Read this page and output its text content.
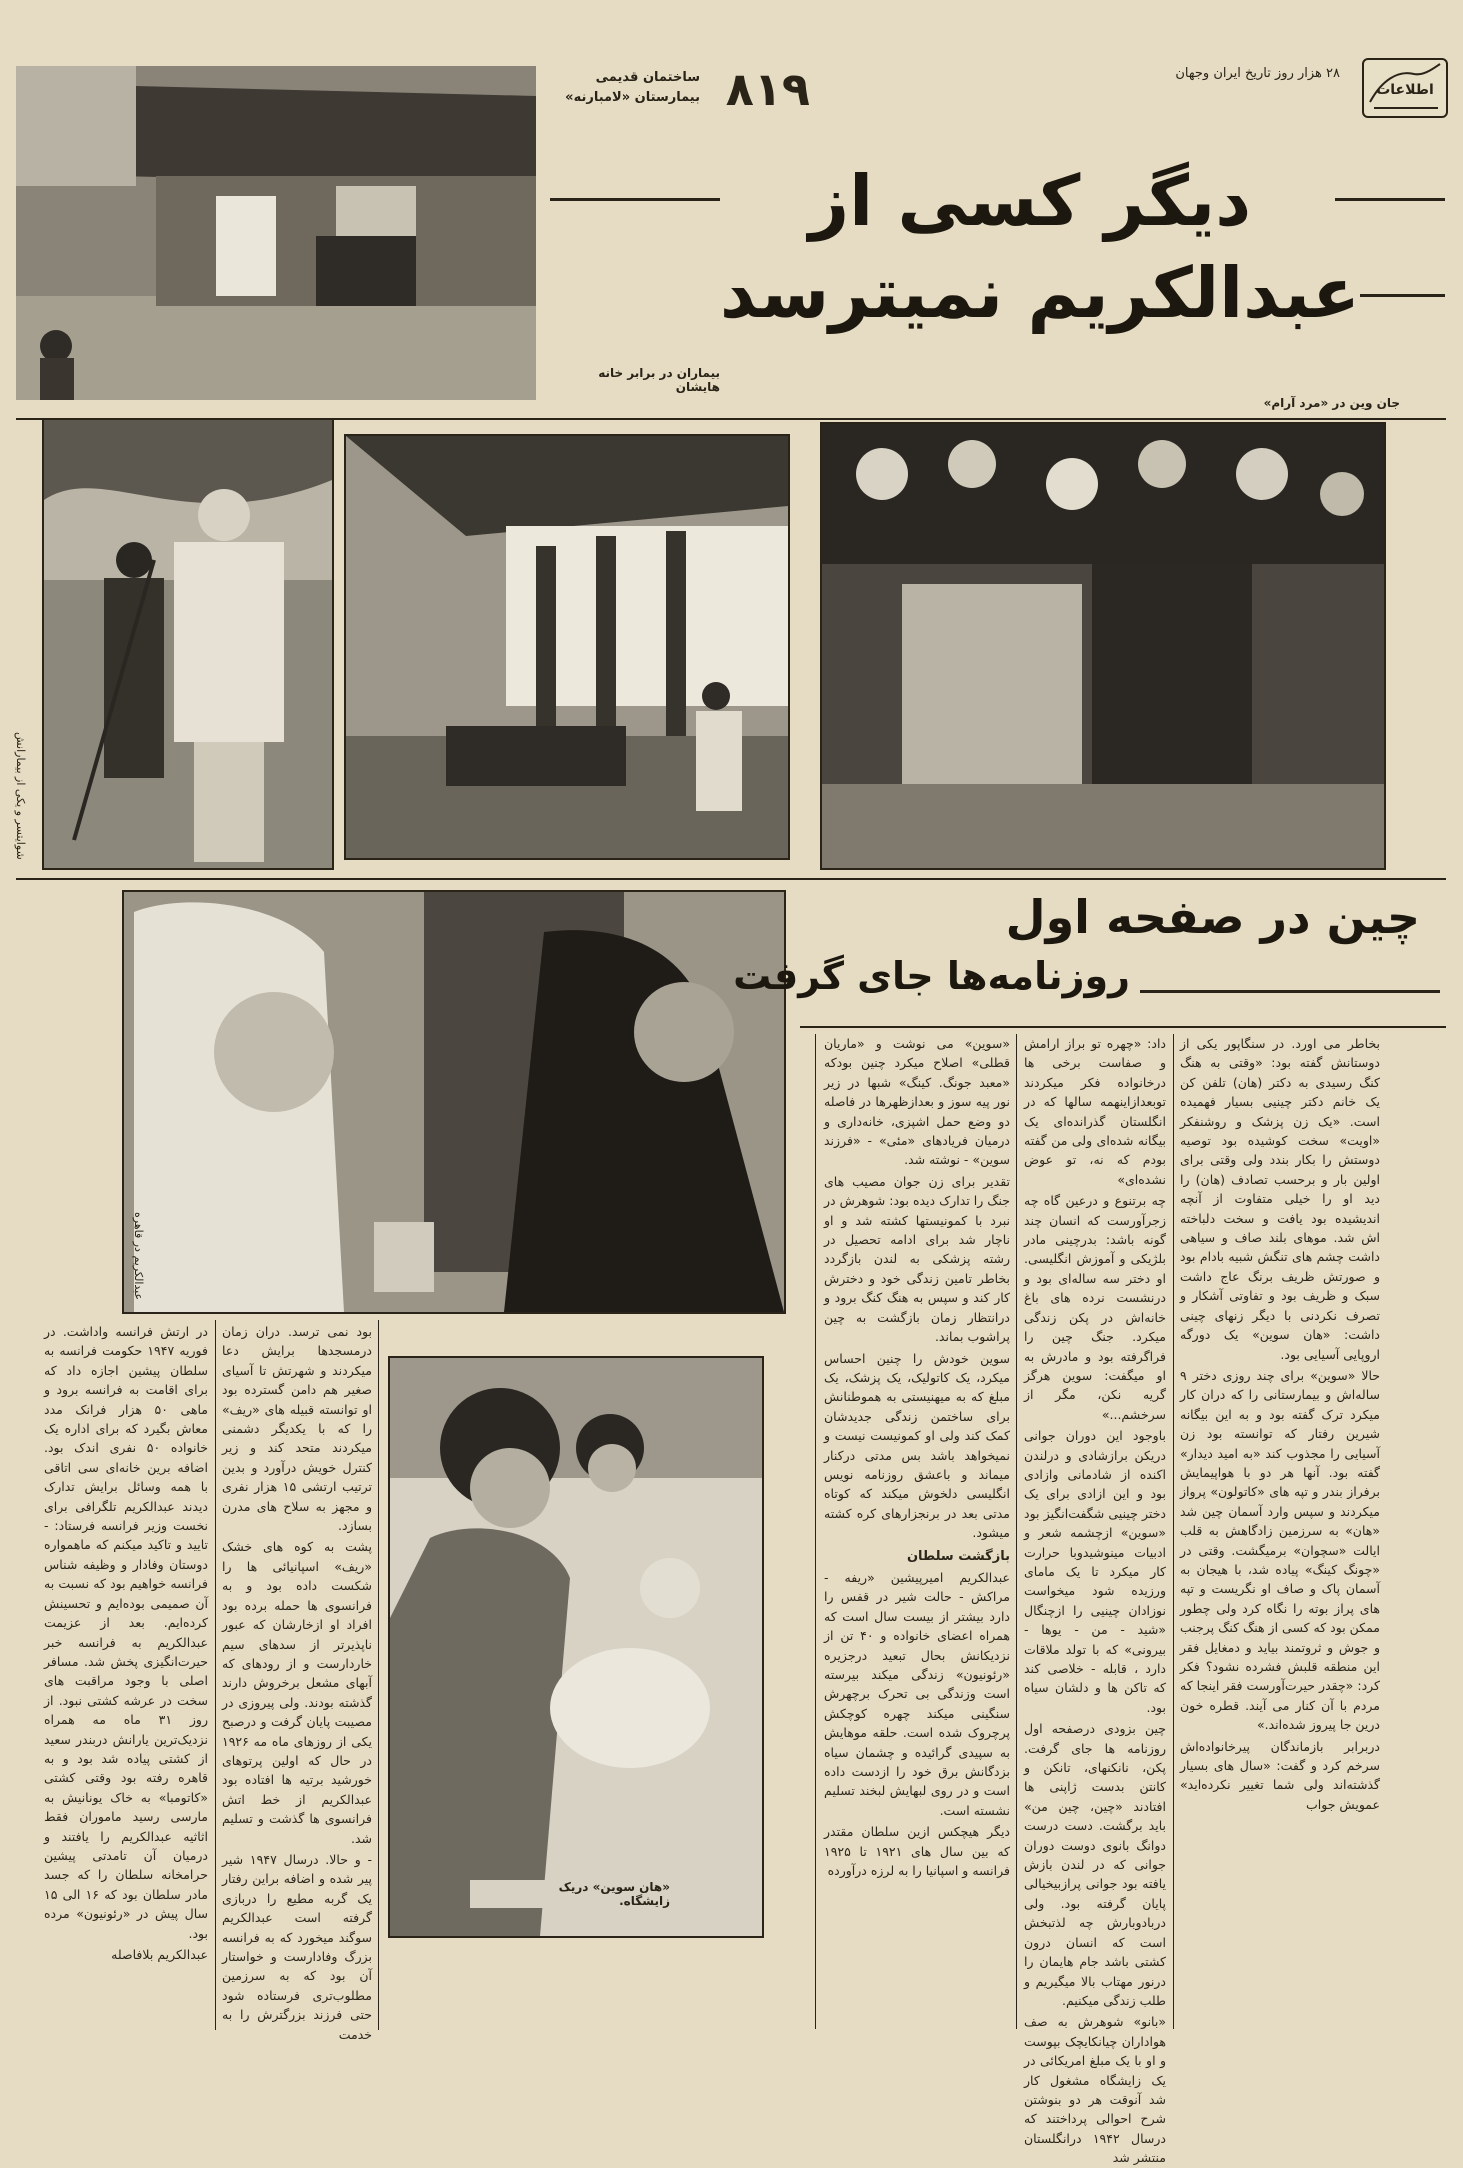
اطلاعات
۲۸ هزار روز تاریخ ایران وجهان
۸۱۹
ساختمان قدیمی
بیمارستان «لامبارنه»
بیماران در برابر خانه
هایشان
دیگر کسی از
عبدالکریم نمیترسد
جان وین در «مرد آرام»
شوایتسر و یکی از بیمارانش
عبدالکریم در قاهره
چین در صفحه اول
روزنامه‌ها جای گرفت
«هان سوین» دریک
زایشگاه.

بخاطر می اورد. در سنگاپور یکی از دوستانش گفته بود: «وقتی به هنگ کنگ رسیدی به دکتر (هان) تلفن کن یک خانم دکتر چینیی بسیار فهمیده است. «یک زن پزشک و روشنفکر «اویت» سخت کوشیده بود توصیه دوستش را بکار بندد ولی وقتی برای اولین بار و برحسب تصادف (هان) را دید او را خیلی متفاوت از آنچه اندیشیده بود یافت و سخت دلباخته اش شد. موهای بلند صاف و سیاهی داشت چشم های تنگش شبیه بادام بود و صورتش ظریف برنگ عاج داشت سبک و ظریف بود و تفاوتی آشکار و تصرف نکردنی با دیگر زنهای چینی داشت: «هان سوین» یک دورگه اروپایی آسیایی بود.

حالا «سوین» برای چند روزی دختر ۹ ساله‌اش و بیمارستانی را که دران کار میکرد ترک گفته بود و به این بیگانه شیرین رفتار که توانسته بود زن آسیایی را مجذوب کند «به امید دیدار» گفته بود. آنها هر دو با هواپیمایش برفراز بندر و تپه های «کاتولون» پرواز میکردند و سپس وارد آسمان چین شد «هان» به سرزمین زادگاهش به قلب ایالت «سچوان» برمیگشت. وقتی در «چونگ کینگ» پیاده شد، با هیجان به آسمان پاک و صاف او نگریست و تپه های پراز بوته را نگاه کرد ولی چطور ممکن بود که کسی از هنگ کنگ پرجنب و جوش و ثروتمند بیاید و دمغایل فقر این منطقه قلبش فشرده نشود؟ فکر کرد: «چقدر حیرت‌آورست فقر اینجا که مردم با آن کنار می آیند. قطره خون درین جا پیروز شده‌اند.»

دربرابر بازماندگان پیرخانواده‌اش سرخم کرد و گفت: «سال های بسیار گذشته‌اند ولی شما تغییر نکرده‌اید» عمویش جواب

داد: «چهره تو براز ارامش و صفاست برخی ها درخانواده فکر میکردند توبعدازاینهمه سالها که در انگلستان گذرانده‌ای یک بیگانه شده‌ای ولی من گفته بودم که نه، تو عوض نشده‌ای»

چه برتنوع و درعین گاه چه زجرآورست که انسان چند گونه باشد: بدرچینی مادر بلژیکی و آموزش انگلیسی. او دختر سه ساله‌ای بود و درنشست نرده های باغ خانه‌اش در پکن زندگی میکرد. جنگ چین را فراگرفته بود و مادرش به او میگفت: سوین هرگز گریه نکن، مگر از سرخشم...»

باوجود این دوران جوانی دریکن برازشادی و درلندن اکنده از شادمانی وازادی بود و این ازادی برای یک دختر چینیی شگفت‌انگیز بود «سوین» ازچشمه شعر و ادبیات مینوشیدوبا حرارت کار میکرد تا یک مامای ورزیده شود میخواست نوزادان چینیی را ازچنگال «شید - من - یوها - بیرونی» که با تولد ملاقات دارد ، قابله - خلاصی کند که تاکن ها و دلشان سیاه بود.

چین بزودی درصفحه اول روزنامه ها جای گرفت. پکن، نانکنهای، تانکن و کانتن بدست ژاپنی ها افتادند «چین، چین من» باید برگشت. دست درست دوانگ بانوی دوست دوران جوانی که در لندن بازش یافته بود جوانی پرازبیخیالی پایان گرفته بود. ولی دربادوبارش چه لذتبخش است که انسان درون کشتی باشد جام هایمان را درنور مهتاب بالا میگیریم و طلب زندگی میکنیم.

«بانو» شوهرش به صف هواداران چیانکایچک بپوست و او با یک مبلغ امریکائی در یک زایشگاه مشغول کار شد آنوقت هر دو بنوشتن شرح احوالی پرداختند که درسال ۱۹۴۲ درانگلستان منتشر شد

«سوین» می نوشت و «ماریان قطلی» اصلاح میکرد چنین بودکه «معبد جونگ. کینگ» شبها در زیر نور پیه سوز و بعدازظهرها در فاصله دو وضع حمل اشپزی، خانه‌داری و درمیان فریادهای «مئی» - «فرزند سوین» - نوشته شد.

تقدیر برای زن جوان مصیب های جنگ را تدارک دیده بود: شوهرش در نبرد با کمونیستها کشته شد و او ناچار شد برای ادامه تحصیل در رشته پزشکی به لندن بازگردد بخاطر تامین زندگی خود و دخترش کار کند و سپس به هنگ کنگ برود و درانتظار زمان بازگشت به چین پراشوب بماند.

سوین خودش را چنین احساس میکرد، یک کاتولیک، یک پزشک، یک مبلغ که به میهنیستی به هموطنانش برای ساختمن زندگی جدیدشان کمک کند ولی او کمونیست نیست و نمیخواهد باشد بس مدتی درکنار میماند و باعشق روزنامه نویس انگلیسی دلخوش میکند که کوتاه مدتی بعد در برنجزارهای کره کشته میشود.

بازگشت سلطان

عبدالکریم امیرپیشین «ریفه - مراکش - حالت شیر در قفس را دارد بیشتر از بیست سال است که همراه اعضای خانواده و ۴۰ تن از نزدیکانش بحال تبعید درجزیره «رئونیون» زندگی میکند بیرسته است وزندگی بی تحرک برچهرش سنگینی میکند چهره کوچکش پرچروک شده است. حلقه موهایش به سپیدی گرائیده و چشمان سیاه بزدگانش برق خود را ازدست داده است و در روی لبهایش لبخند تسلیم نشسته است.

دیگر هیچکس ازین سلطان مقتدر که بین سال های ۱۹۲۱ تا ۱۹۲۵ فرانسه و اسپانیا را به لرزه درآورده

بود نمی ترسد. دران زمان درمسجدها برایش دعا میکردند و شهرتش تا آسیای صغیر هم دامن گسترده بود او توانسته قبیله های «ریف» را که با یکدیگر دشمنی میکردند متحد کند و زیر کنترل خویش درآورد و بدین ترتیب ارتشی ۱۵ هزار نفری و مجهز به سلاح های مدرن بسازد.

پشت به کوه های خشک «ریف» اسپانیائی ها را شکست داده بود و به فرانسوی ها حمله برده بود افراد او ازخارشان که عبور ناپذیرتر از سدهای سیم خاردارست و از رودهای که آبهای مشعل برخروش دارند گذشته بودند. ولی پیروزی در مصیبت پایان گرفت و درصبح یکی از روزهای ماه مه ۱۹۲۶ در حال که اولین پرتوهای خورشید برتیه ها افتاده بود عبدالکریم از خط اتش فرانسوی ها گذشت و تسلیم شد.

- و حالا. درسال ۱۹۴۷ شیر پیر شده و اضافه براین رفتار یک گربه مطیع را دربازی گرفته است عبدالکریم سوگند میخورد که به فرانسه بزرگ وفادارست و خواستار آن بود که به سرزمین مطلوب‌تری فرستاده شود حتی فرزند بزرگترش را به خدمت

در ارتش فرانسه واداشت. در فوریه ۱۹۴۷ حکومت فرانسه به سلطان پیشین اجازه داد که برای اقامت به فرانسه برود و ماهی ۵۰ هزار فرانک مدد معاش بگیرد که برای اداره یک خانواده ۵۰ نفری اندک بود. اضافه برین خانه‌ای سی اتاقی با همه وسائل برایش تدارک دیدند عبدالکریم تلگرافی برای نخست وزیر فرانسه فرستاد: - تایید و تاکید میکنم که ماهمواره دوستان وفادار و وظیفه شناس فرانسه خواهیم بود که نسبت به آن صمیمی بوده‌ایم و تحسینش کرده‌ایم. بعد از عزیمت عبدالکریم به فرانسه خبر حیرت‌انگیزی پخش شد. مسافر اصلی با وجود مراقبت های سخت در عرشه کشتی نبود. از روز ۳۱ ماه مه همراه نزدیک‌ترین یارانش دربندر سعید از کشتی پیاده شد بود و به قاهره رفته بود وقتی کشتی «کاتومبا» به خاک یونانیش به مارسی رسید ماموران فقط اثاثیه عبدالکریم را یافتند و درمیان آن تامدتی پیشین حرامخانه سلطان را که جسد مادر سلطان بود که ۱۶ الی ۱۵ سال پیش در «رئونیون» مرده بود.

عبدالکریم بلافاصله
